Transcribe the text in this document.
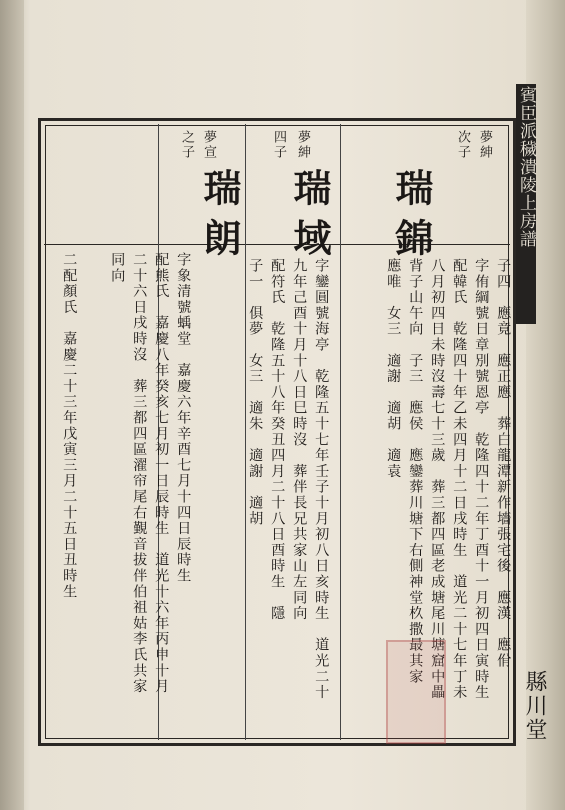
賓臣派穢潰陵上房譜
縣川堂
夢紳
次子
瑞錦
子四　應竟　應正應　葬白龍潭新作墻張宅後　應漢　應佾
字侑綱號日章別號恩亭　乾隆四十二年丁酉十一月初四日寅時生
配韓氏　乾隆四十年乙未四月十二日戌時生　道光二十七年丁未
八月初四日未時沒壽七十三歲　葬三都四區老成塘尾川塘窟中畾
背子山午向　子三　應侯　應鑾葬川塘下右側神堂杦撒最其家
應唯　女三　適謝　適胡　適袁
夢紳
四子
瑞域
字鑾圓號海亭　乾隆五十七年壬子十月初八日亥時生　道光二十
九年己酉十月十八日巳時沒　葬伴長兄共家山左同向
配符氏　乾隆五十八年癸丑四月二十八日酉時生　隱
子一　俱夢　女三　適朱　適謝　適胡
夢宣
之子
瑞朗
字象清號蝺堂　嘉慶六年辛酉七月十四日辰時生
配熊氏　嘉慶八年癸亥七月初一日辰時生　道光十六年丙申十月
二十六日戌時沒　葬三都四區濯帘尾右覲音拔伴伯祖姑李氏共家
同向
二配顏氏　嘉慶二十三年戊寅三月二十五日丑時生
